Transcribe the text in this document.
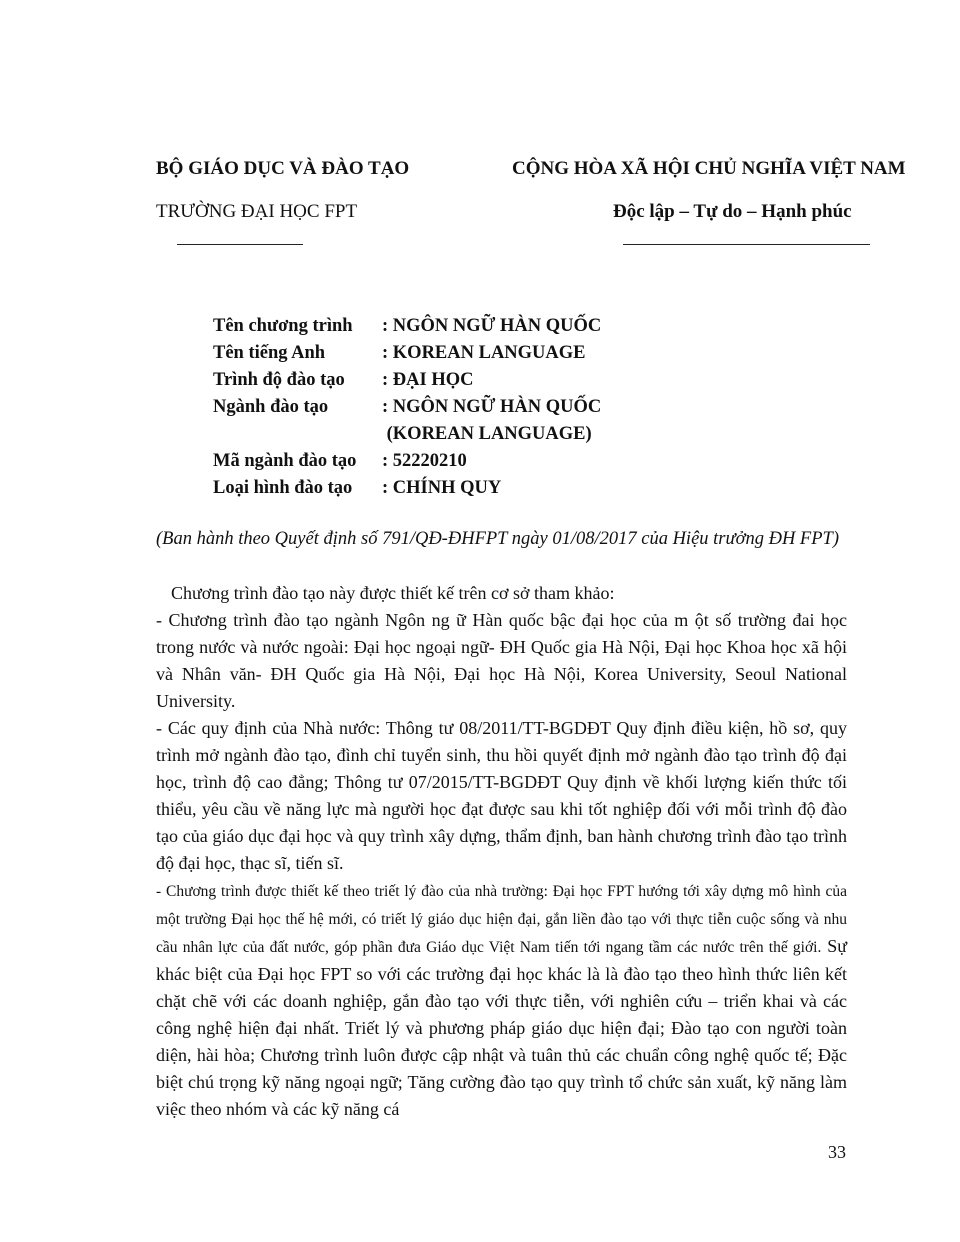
BỘ GIÁO DỤC VÀ ĐÀO TẠO	CỘNG HÒA XÃ HỘI CHỦ NGHĨA VIỆT NAM
TRƯỜNG ĐẠI HỌC FPT	Độc lập – Tự do – Hạnh phúc
Tên chương trình : NGÔN NGỮ HÀN QUỐC
Tên tiếng Anh	: KOREAN LANGUAGE
Trình độ đào tạo : ĐẠI HỌC
Ngành đào tạo	: NGÔN NGỮ HÀN QUỐC
(KOREAN LANGUAGE)
Mã ngành đào tạo : 52220210
Loại hình đào tạo : CHÍNH QUY
(Ban hành theo Quyết định số 791/QĐ-ĐHFPT ngày 01/08/2017 của Hiệu trưởng ĐH FPT)

Chương trình đào tạo này được thiết kế trên cơ sở tham khảo:

- Chương trình đào tạo ngành Ngôn ng ữ Hàn quốc bậc đại học của m ột số trường đai học trong nước và nước ngoài: Đại học ngoại ngữ- ĐH Quốc gia Hà Nội, Đại học Khoa học xã hội và Nhân văn- ĐH Quốc gia Hà Nội, Đại học Hà Nội, Korea University, Seoul National University.

- Các quy định của Nhà nước: Thông tư 08/2011/TT-BGDĐT Quy định điều kiện, hồ sơ, quy trình mở ngành đào tạo, đình chỉ tuyển sinh, thu hồi quyết định mở ngành đào tạo trình độ đại học, trình độ cao đẳng; Thông tư 07/2015/TT-BGDĐT Quy định về khối lượng kiến thức tối thiểu, yêu cầu về năng lực mà người học đạt được sau khi tốt nghiệp đối với mỗi trình độ đào tạo của giáo dục đại học và quy trình xây dựng, thẩm định, ban hành chương trình đào tạo trình độ đại học, thạc sĩ, tiến sĩ.

- Chương trình được thiết kế theo triết lý đào của nhà trường: Đại học FPT hướng tới xây dựng mô hình của một trường Đại học thế hệ mới, có triết lý giáo dục hiện đại, gắn liền đào tạo với thực tiễn cuộc sống và nhu cầu nhân lực của đất nước, góp phần đưa Giáo dục Việt Nam tiến tới ngang tầm các nước trên thế giới. Sự khác biệt của Đại học FPT so với các trường đại học khác là là đào tạo theo hình thức liên kết chặt chẽ với các doanh nghiệp, gắn đào tạo với thực tiễn, với nghiên cứu – triển khai và các công nghệ hiện đại nhất. Triết lý và phương pháp giáo dục hiện đại; Đào tạo con người toàn diện, hài hòa; Chương trình luôn được cập nhật và tuân thủ các chuẩn công nghệ quốc tế; Đặc biệt chú trọng kỹ năng ngoại ngữ; Tăng cường đào tạo quy trình tổ chức sản xuất, kỹ năng làm việc theo nhóm và các kỹ năng cá

33
